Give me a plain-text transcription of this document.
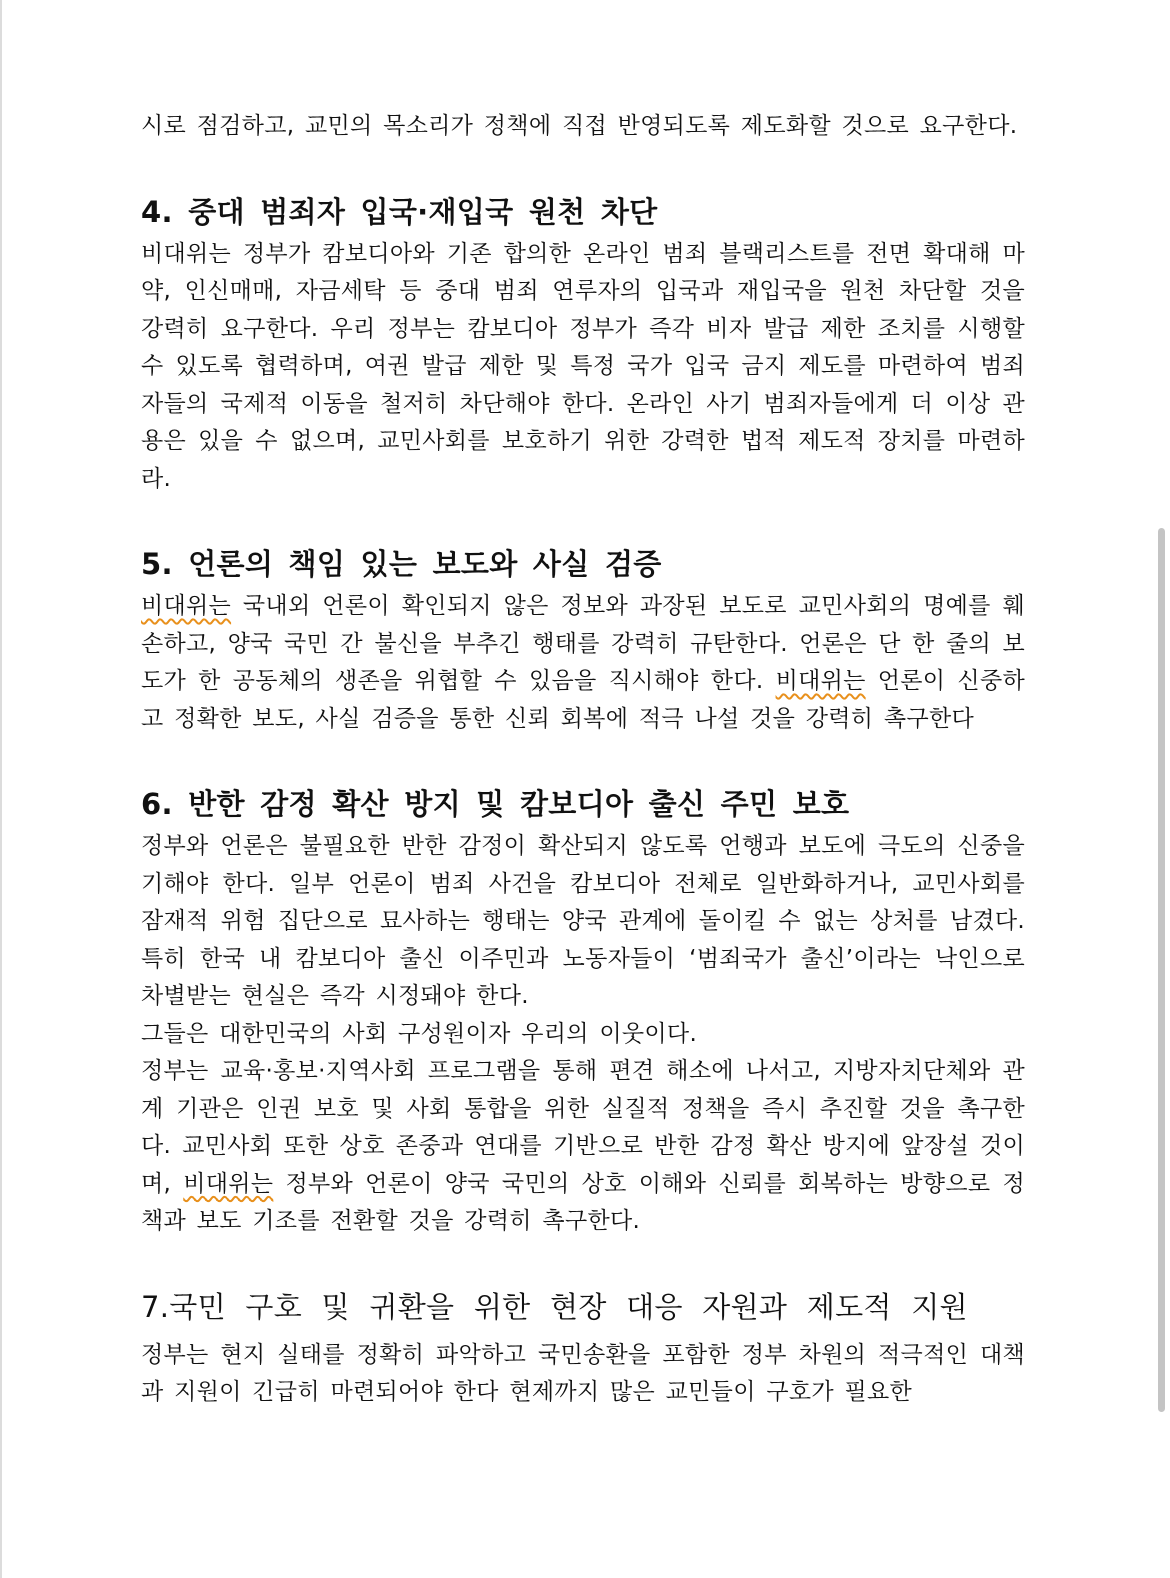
시로 점검하고, 교민의 목소리가 정책에 직접 반영되도록 제도화할 것으로 요구한다.

4. 중대 범죄자 입국·재입국 원천 차단

비대위는 정부가 캄보디아와 기존 합의한 온라인 범죄 블랙리스트를 전면 확대해 마약, 인신매매, 자금세탁 등 중대 범죄 연루자의 입국과 재입국을 원천 차단할 것을 강력히 요구한다. 우리 정부는 캄보디아 정부가 즉각 비자 발급 제한 조치를 시행할 수 있도록 협력하며, 여권 발급 제한 및 특정 국가 입국 금지 제도를 마련하여 범죄자들의 국제적 이동을 철저히 차단해야 한다. 온라인 사기 범죄자들에게 더 이상 관용은 있을 수 없으며, 교민사회를 보호하기 위한 강력한 법적 제도적 장치를 마련하라.

5. 언론의 책임 있는 보도와 사실 검증

비대위는 국내외 언론이 확인되지 않은 정보와 과장된 보도로 교민사회의 명예를 훼손하고, 양국 국민 간 불신을 부추긴 행태를 강력히 규탄한다. 언론은 단 한 줄의 보도가 한 공동체의 생존을 위협할 수 있음을 직시해야 한다. 비대위는 언론이 신중하고 정확한 보도, 사실 검증을 통한 신뢰 회복에 적극 나설 것을 강력히 촉구한다

6. 반한 감정 확산 방지 및 캄보디아 출신 주민 보호

정부와 언론은 불필요한 반한 감정이 확산되지 않도록 언행과 보도에 극도의 신중을 기해야 한다. 일부 언론이 범죄 사건을 캄보디아 전체로 일반화하거나, 교민사회를 잠재적 위험 집단으로 묘사하는 행태는 양국 관계에 돌이킬 수 없는 상처를 남겼다. 특히 한국 내 캄보디아 출신 이주민과 노동자들이 ‘범죄국가 출신’이라는 낙인으로 차별받는 현실은 즉각 시정돼야 한다.

그들은 대한민국의 사회 구성원이자 우리의 이웃이다.

정부는 교육·홍보·지역사회 프로그램을 통해 편견 해소에 나서고, 지방자치단체와 관계 기관은 인권 보호 및 사회 통합을 위한 실질적 정책을 즉시 추진할 것을 촉구한다. 교민사회 또한 상호 존중과 연대를 기반으로 반한 감정 확산 방지에 앞장설 것이며, 비대위는 정부와 언론이 양국 국민의 상호 이해와 신뢰를 회복하는 방향으로 정책과 보도 기조를 전환할 것을 강력히 촉구한다.

7.국민 구호 및 귀환을 위한 현장 대응 자원과 제도적 지원

정부는 현지 실태를 정확히 파악하고 국민송환을 포함한 정부 차원의 적극적인 대책과 지원이 긴급히 마련되어야 한다 현제까지 많은 교민들이 구호가 필요한
